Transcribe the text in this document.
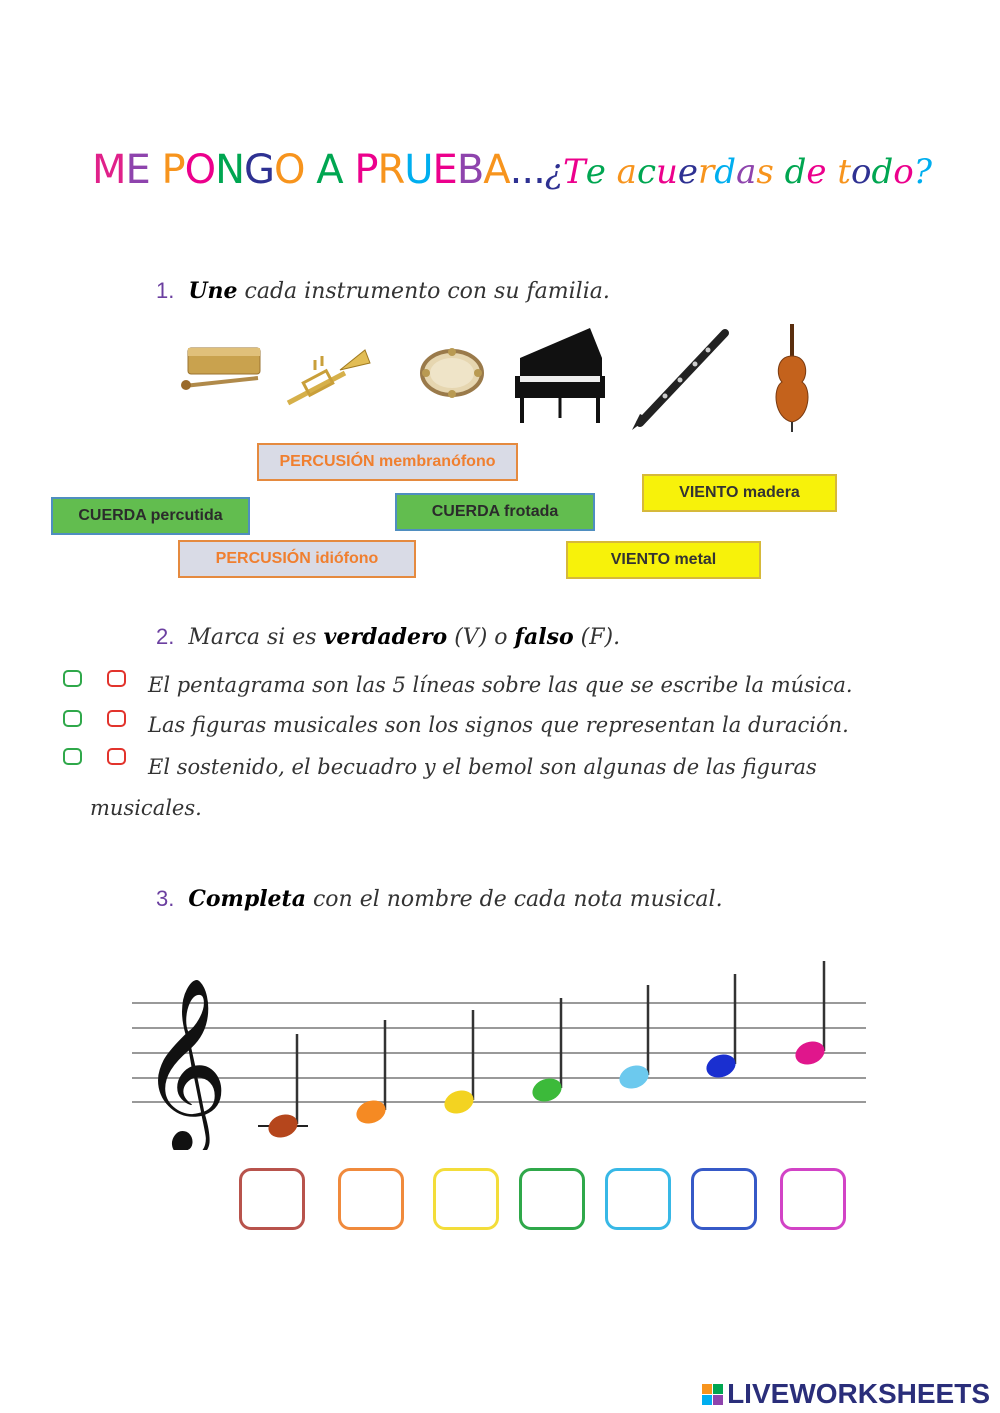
ME PONGO A PRUEBA...¿Te acuerdas de todo?
1. Une cada instrumento con su familia.
PERCUSIÓN membranófono
VIENTO madera
CUERDA percutida	CUERDA frotada
PERCUSIÓN idiófono	VIENTO metal
2. Marca si es verdadero (V) o falso (F).
El pentagrama son las 5 líneas sobre las que se escribe la música.
Las figuras musicales son los signos que representan la duración.
El sostenido, el becuadro y el bemol son algunas de las figuras
musicales.
3. Completa con el nombre de cada nota musical.
𝄞
LIVEWORKSHEETS
